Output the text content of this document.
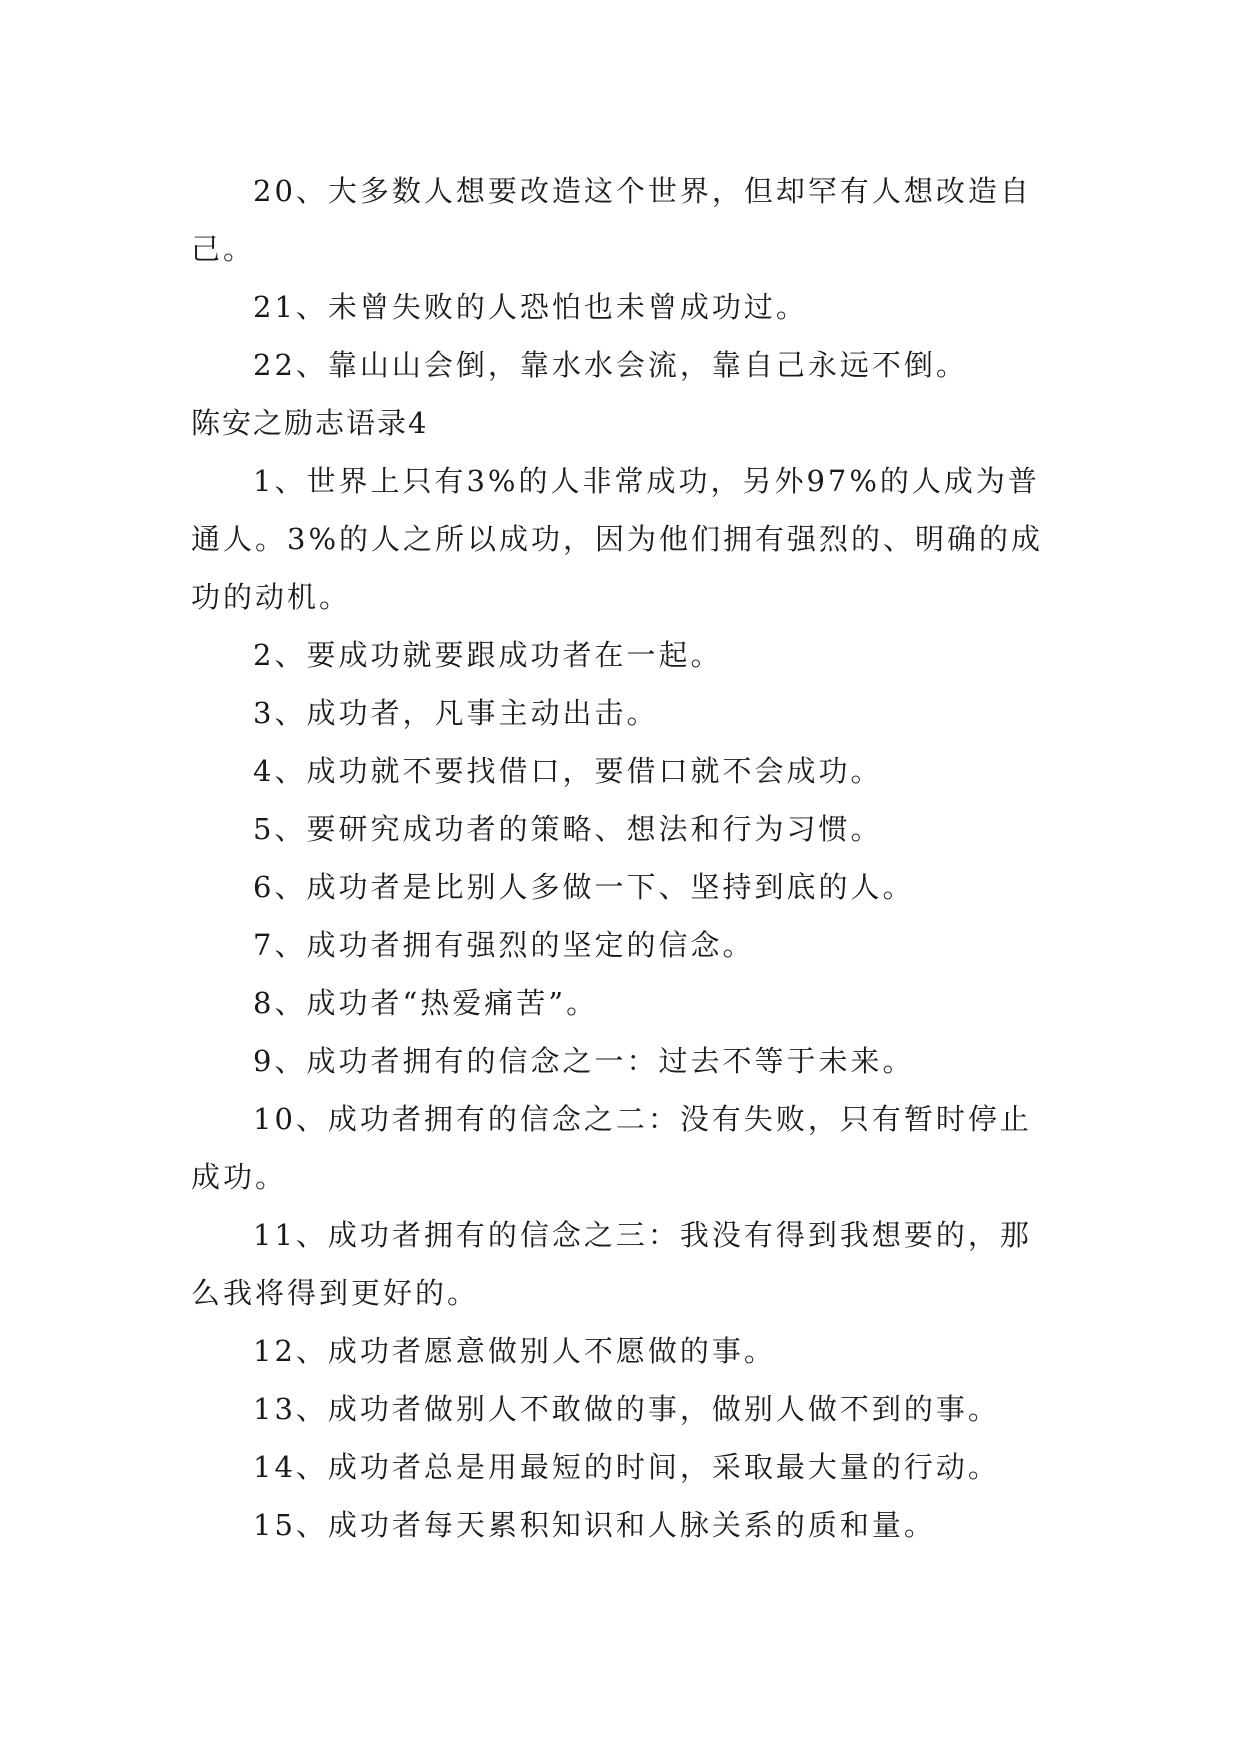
20、大多数人想要改造这个世界，但却罕有人想改造自己。

21、未曾失败的人恐怕也未曾成功过。

22、靠山山会倒，靠水水会流，靠自己永远不倒。

陈安之励志语录4

1、世界上只有3%的人非常成功，另外97%的人成为普通人。3%的人之所以成功，因为他们拥有强烈的、明确的成功的动机。

2、要成功就要跟成功者在一起。

3、成功者，凡事主动出击。

4、成功就不要找借口，要借口就不会成功。

5、要研究成功者的策略、想法和行为习惯。

6、成功者是比别人多做一下、坚持到底的人。

7、成功者拥有强烈的坚定的信念。

8、成功者“热爱痛苦”。

9、成功者拥有的信念之一：过去不等于未来。

10、成功者拥有的信念之二：没有失败，只有暂时停止成功。

11、成功者拥有的信念之三：我没有得到我想要的，那么我将得到更好的。

12、成功者愿意做别人不愿做的事。

13、成功者做别人不敢做的事，做别人做不到的事。

14、成功者总是用最短的时间，采取最大量的行动。

15、成功者每天累积知识和人脉关系的质和量。
